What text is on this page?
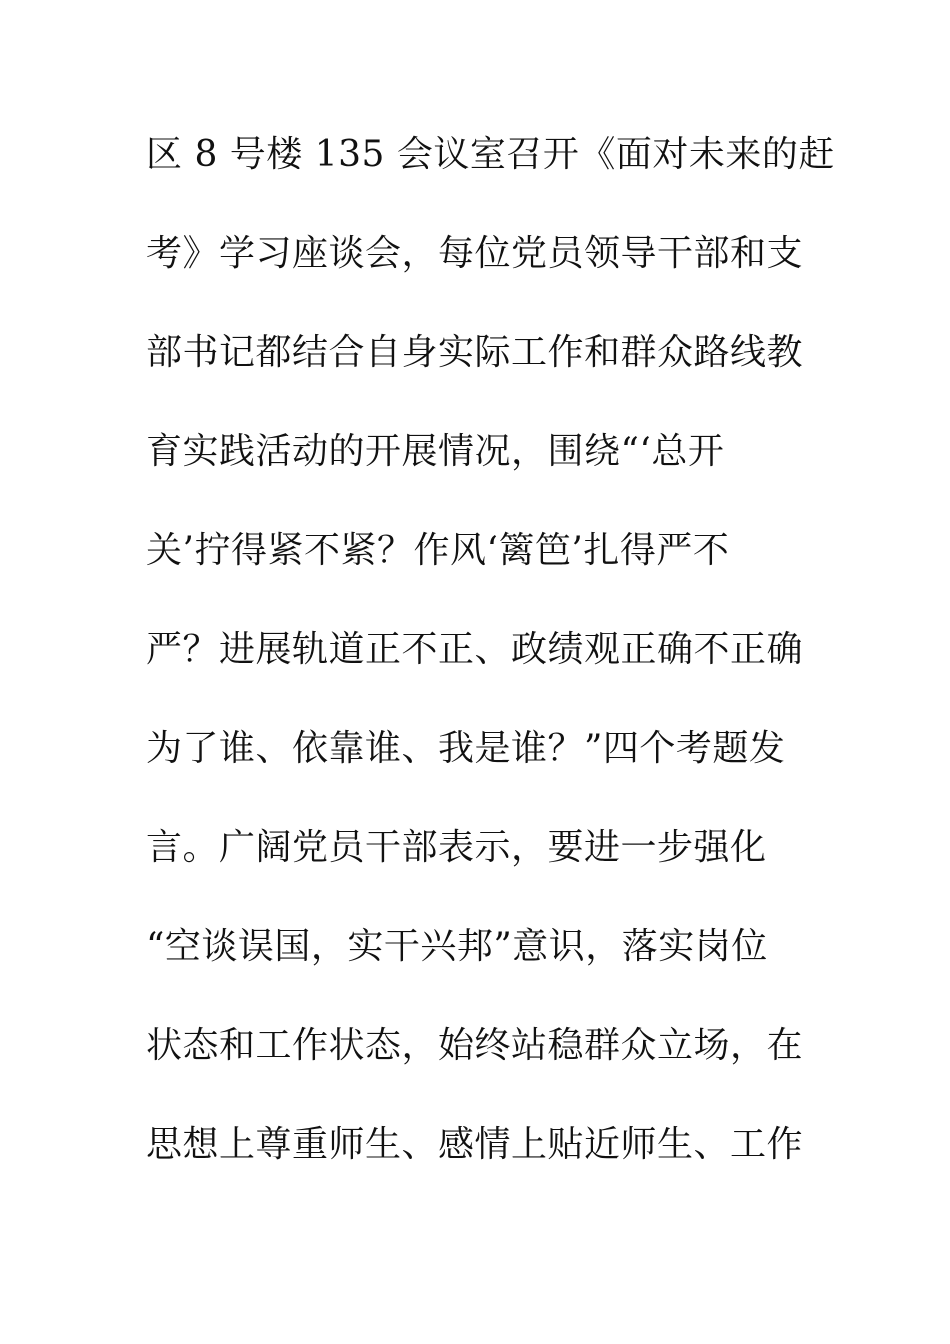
区 8 号楼 135 会议室召开《面对未来的赶
考》学习座谈会，每位党员领导干部和支
部书记都结合自身实际工作和群众路线教
育实践活动的开展情况，围绕“‘总开
关’拧得紧不紧？作风‘篱笆’扎得严不
严？进展轨道正不正、政绩观正确不正确
为了谁、依靠谁、我是谁？”四个考题发
言。广阔党员干部表示，要进一步强化
“空谈误国，实干兴邦”意识，落实岗位
状态和工作状态，始终站稳群众立场，在
思想上尊重师生、感情上贴近师生、工作
